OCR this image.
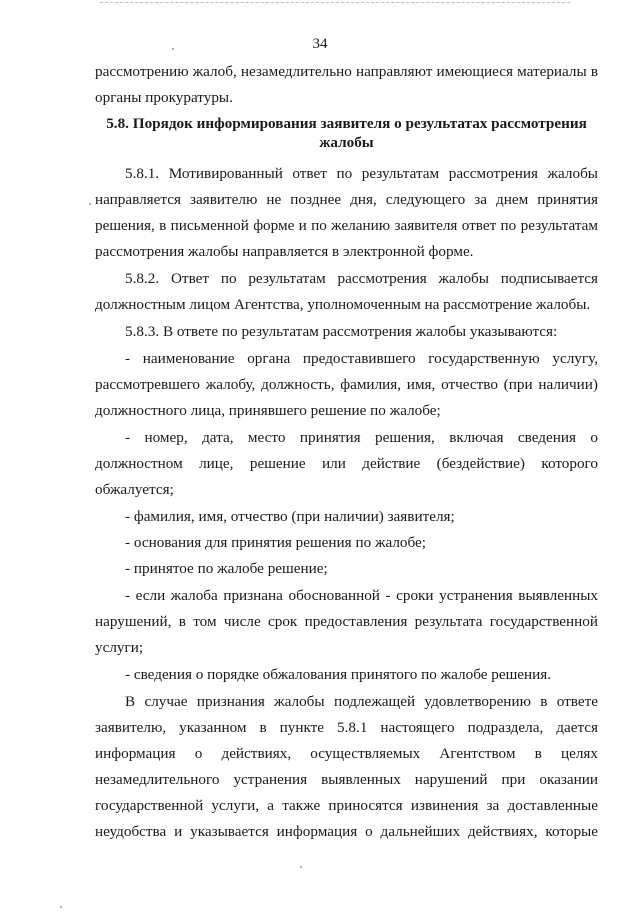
34
рассмотрению жалоб, незамедлительно направляют имеющиеся материалы в
органы прокуратуры.
5.8. Порядок информирования заявителя о результатах рассмотрения
жалобы
5.8.1. Мотивированный ответ по результатам рассмотрения жалобы
направляется заявителю не позднее дня, следующего за днем принятия
решения, в письменной форме и по желанию заявителя ответ по результатам
рассмотрения жалобы направляется в электронной форме.
5.8.2. Ответ по результатам рассмотрения жалобы подписывается
должностным лицом Агентства, уполномоченным на рассмотрение жалобы.
5.8.3. В ответе по результатам рассмотрения жалобы указываются:
- наименование органа предоставившего государственную услугу,
рассмотревшего жалобу, должность, фамилия, имя, отчество (при наличии)
должностного лица, принявшего решение по жалобе;
- номер, дата, место принятия решения, включая сведения о
должностном лице, решение или действие (бездействие) которого
обжалуется;
- фамилия, имя, отчество (при наличии) заявителя;
- основания для принятия решения по жалобе;
- принятое по жалобе решение;
- если жалоба признана обоснованной - сроки устранения выявленных
нарушений, в том числе срок предоставления результата государственной
услуги;
- сведения о порядке обжалования принятого по жалобе решения.
В случае признания жалобы подлежащей удовлетворению в ответе
заявителю, указанном в пункте 5.8.1 настоящего подраздела, дается
информация о действиях, осуществляемых Агентством в целях
незамедлительного устранения выявленных нарушений при оказании
государственной услуги, а также приносятся извинения за доставленные
неудобства и указывается информация о дальнейших действиях, которые
